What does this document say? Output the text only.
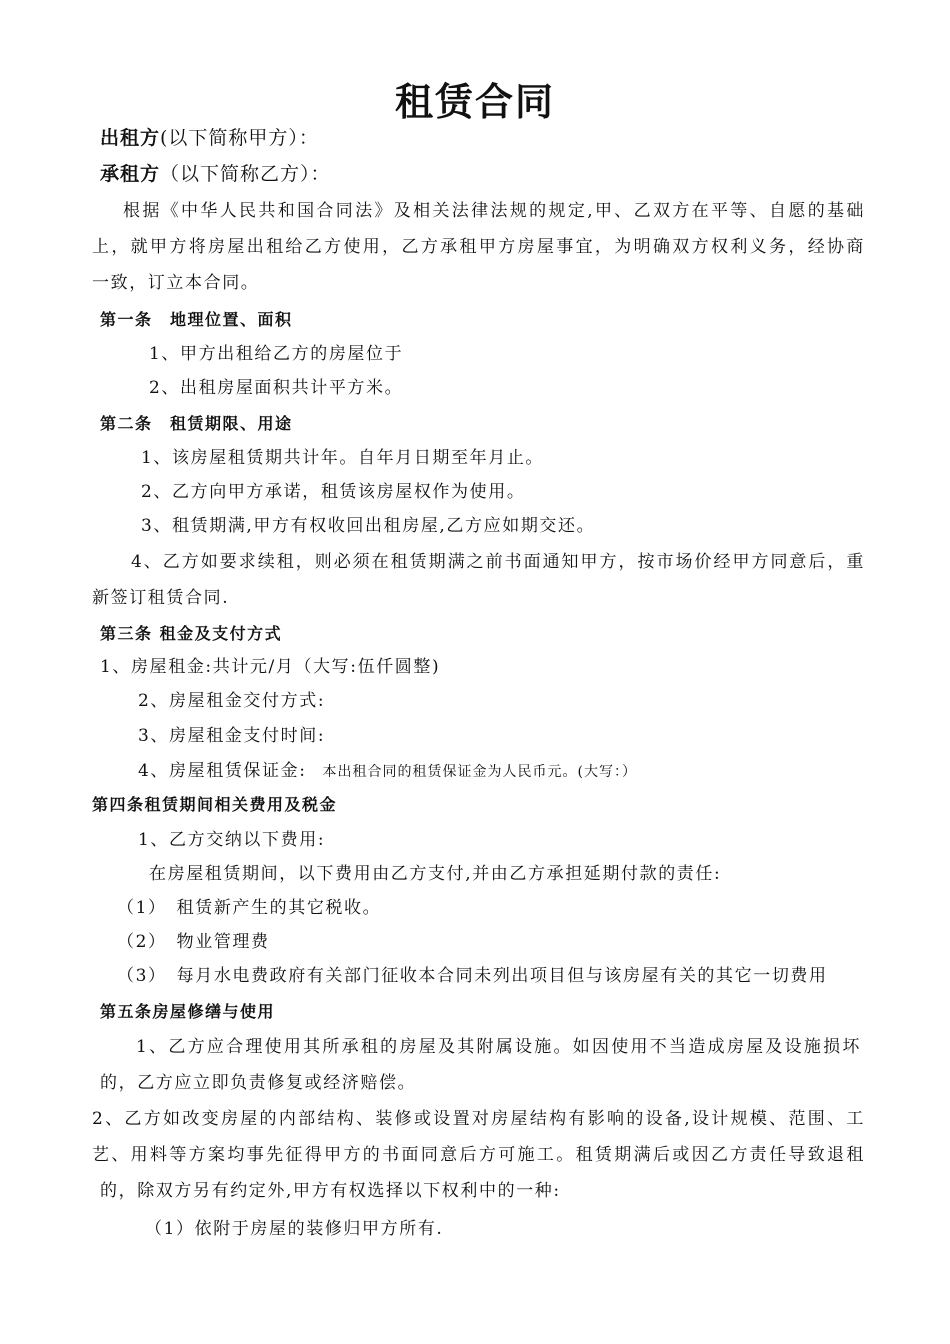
租赁合同
出租方(以下简称甲方）：
承租方（以下简称乙方）：
根据《中华人民共和国合同法》及相关法律法规的规定,甲、乙双方在平等、自愿的基础
上，就甲方将房屋出租给乙方使用，乙方承租甲方房屋事宜，为明确双方权利义务，经协商
一致，订立本合同。
第一条　地理位置、面积
1、甲方出租给乙方的房屋位于
2、出租房屋面积共计平方米。
第二条　租赁期限、用途
1、该房屋租赁期共计年。自年月日期至年月止。
2、乙方向甲方承诺，租赁该房屋权作为使用。
3、租赁期满,甲方有权收回出租房屋,乙方应如期交还。
4、乙方如要求续租，则必须在租赁期满之前书面通知甲方，按市场价经甲方同意后，重
新签订租赁合同.
第三条 租金及支付方式
1、房屋租金:共计元/月（大写:伍仟圆整)
2、房屋租金交付方式:
3、房屋租金支付时间:
4、房屋租赁保证金: 本出租合同的租赁保证金为人民币元。(大写：）
第四条租赁期间相关费用及税金
1、乙方交纳以下费用:
在房屋租赁期间，以下费用由乙方支付,并由乙方承担延期付款的责任:
（1） 租赁新产生的其它税收。
（2） 物业管理费
（3） 每月水电费政府有关部门征收本合同未列出项目但与该房屋有关的其它一切费用
第五条房屋修缮与使用
1、乙方应合理使用其所承租的房屋及其附属设施。如因使用不当造成房屋及设施损坏
的，乙方应立即负责修复或经济赔偿。
2、乙方如改变房屋的内部结构、装修或设置对房屋结构有影响的设备,设计规模、范围、工
艺、用料等方案均事先征得甲方的书面同意后方可施工。租赁期满后或因乙方责任导致退租
的，除双方另有约定外,甲方有权选择以下权利中的一种:
（1）依附于房屋的装修归甲方所有.
